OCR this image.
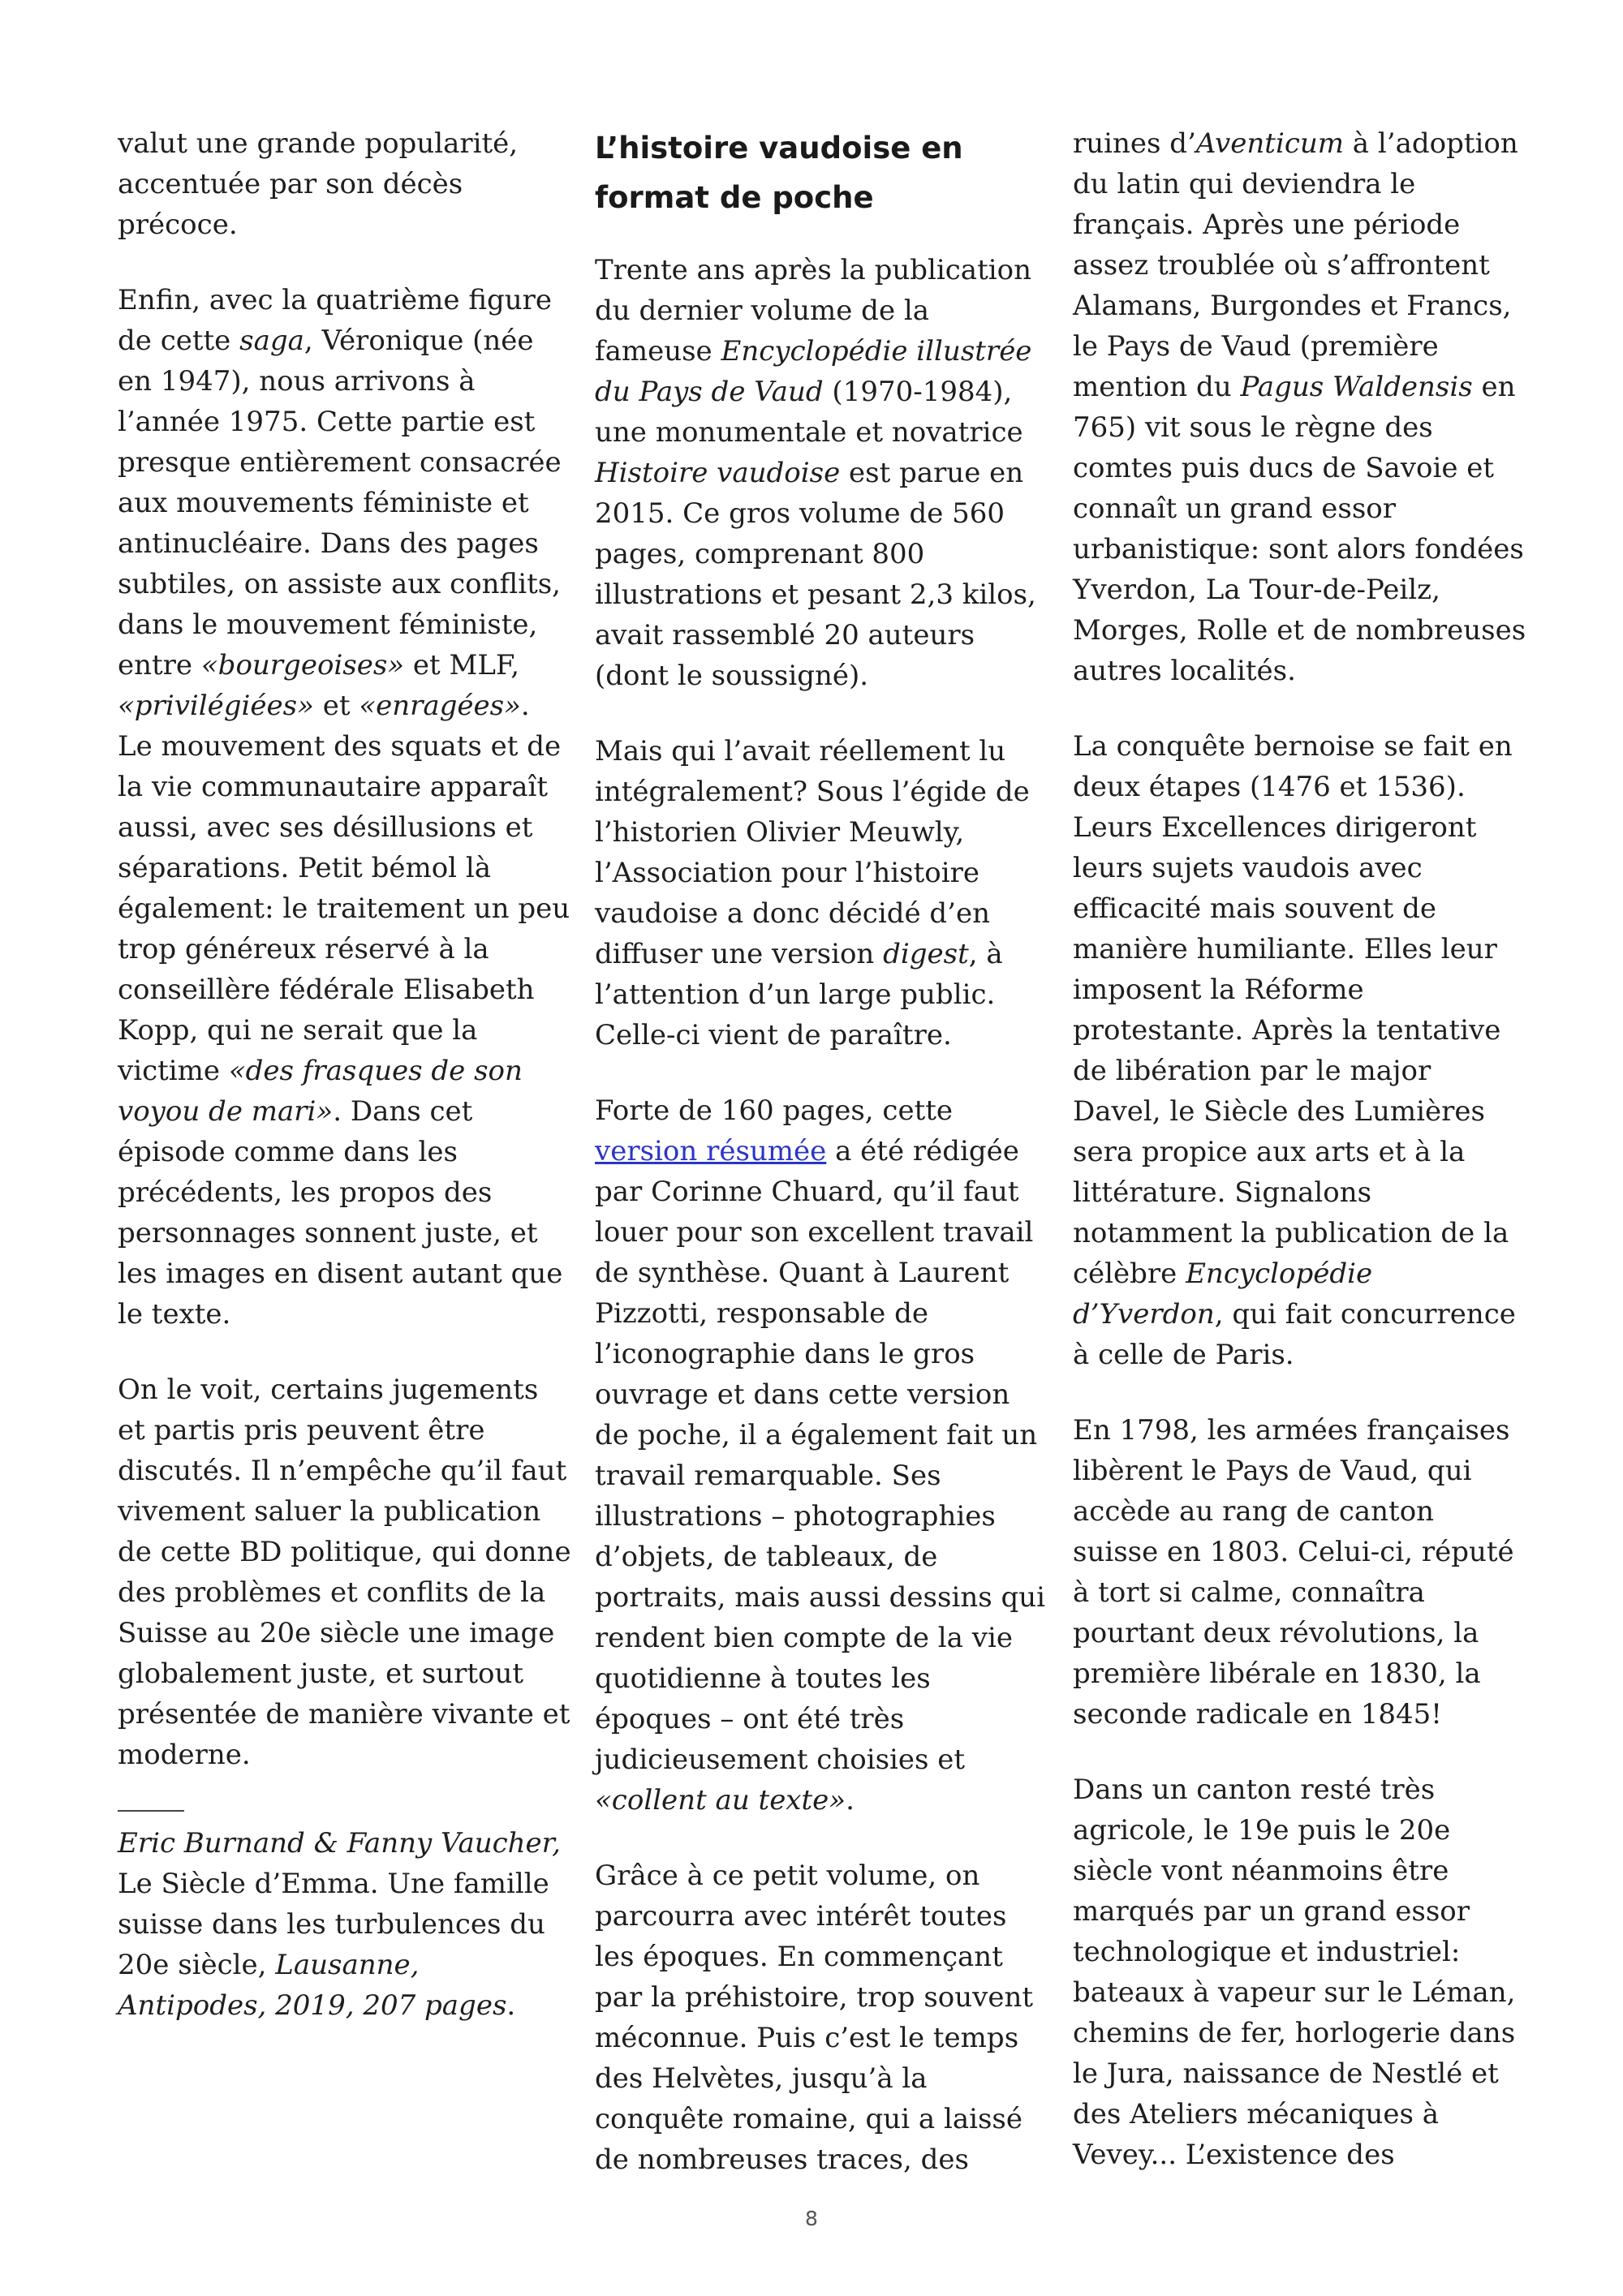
valut une grande popularité, accentuée par son décès précoce.

Enfin, avec la quatrième figure de cette saga, Véronique (née en 1947), nous arrivons à l’année 1975. Cette partie est presque entièrement consacrée aux mouvements féministe et antinucléaire. Dans des pages subtiles, on assiste aux conflits, dans le mouvement féministe, entre «bourgeoises» et MLF, «privilégiées» et «enragées». Le mouvement des squats et de la vie communautaire apparaît aussi, avec ses désillusions et séparations. Petit bémol là également: le traitement un peu trop généreux réservé à la conseillère fédérale Elisabeth Kopp, qui ne serait que la victime «des frasques de son voyou de mari». Dans cet épisode comme dans les précédents, les propos des personnages sonnent juste, et les images en disent autant que le texte.

On le voit, certains jugements et partis pris peuvent être discutés. Il n’empêche qu’il faut vivement saluer la publication de cette BD politique, qui donne des problèmes et conflits de la Suisse au 20e siècle une image globalement juste, et surtout présentée de manière vivante et moderne.

Eric Burnand & Fanny Vaucher, Le Siècle d’Emma. Une famille suisse dans les turbulences du 20e siècle, Lausanne, Antipodes, 2019, 207 pages.

L’histoire vaudoise en format de poche

Trente ans après la publication du dernier volume de la fameuse Encyclopédie illustrée du Pays de Vaud (1970-1984), une monumentale et novatrice Histoire vaudoise est parue en 2015. Ce gros volume de 560 pages, comprenant 800 illustrations et pesant 2,3 kilos, avait rassemblé 20 auteurs (dont le soussigné).

Mais qui l’avait réellement lu intégralement? Sous l’égide de l’historien Olivier Meuwly, l’Association pour l’histoire vaudoise a donc décidé d’en diffuser une version digest, à l’attention d’un large public. Celle-ci vient de paraître.

Forte de 160 pages, cette version résumée a été rédigée par Corinne Chuard, qu’il faut louer pour son excellent travail de synthèse. Quant à Laurent Pizzotti, responsable de l’iconographie dans le gros ouvrage et dans cette version de poche, il a également fait un travail remarquable. Ses illustrations – photographies d’objets, de tableaux, de portraits, mais aussi dessins qui rendent bien compte de la vie quotidienne à toutes les époques – ont été très judicieusement choisies et «collent au texte».

Grâce à ce petit volume, on parcourra avec intérêt toutes les époques. En commençant par la préhistoire, trop souvent méconnue. Puis c’est le temps des Helvètes, jusqu’à la conquête romaine, qui a laissé de nombreuses traces, des

ruines d’Aventicum à l’adoption du latin qui deviendra le français. Après une période assez troublée où s’affrontent Alamans, Burgondes et Francs, le Pays de Vaud (première mention du Pagus Waldensis en 765) vit sous le règne des comtes puis ducs de Savoie et connaît un grand essor urbanistique: sont alors fondées Yverdon, La Tour-de-Peilz, Morges, Rolle et de nombreuses autres localités.

La conquête bernoise se fait en deux étapes (1476 et 1536). Leurs Excellences dirigeront leurs sujets vaudois avec efficacité mais souvent de manière humiliante. Elles leur imposent la Réforme protestante. Après la tentative de libération par le major Davel, le Siècle des Lumières sera propice aux arts et à la littérature. Signalons notamment la publication de la célèbre Encyclopédie d’Yverdon, qui fait concurrence à celle de Paris.

En 1798, les armées françaises libèrent le Pays de Vaud, qui accède au rang de canton suisse en 1803. Celui-ci, réputé à tort si calme, connaîtra pourtant deux révolutions, la première libérale en 1830, la seconde radicale en 1845!

Dans un canton resté très agricole, le 19e puis le 20e siècle vont néanmoins être marqués par un grand essor technologique et industriel: bateaux à vapeur sur le Léman, chemins de fer, horlogerie dans le Jura, naissance de Nestlé et des Ateliers mécaniques à Vevey... L’existence des

8
